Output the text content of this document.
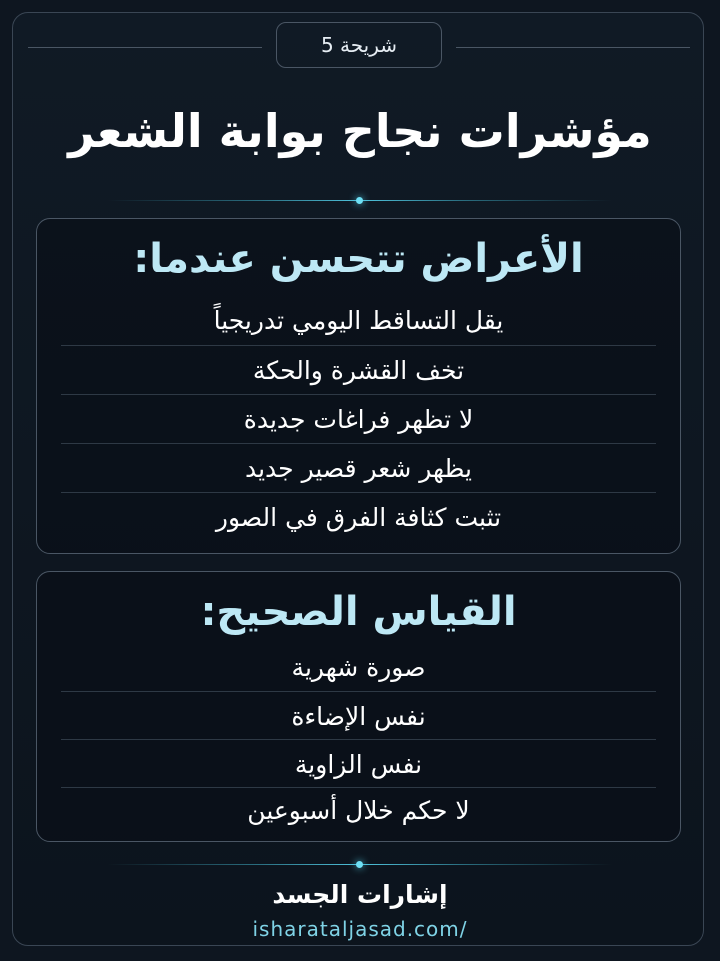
شريحة 5
مؤشرات نجاح بوابة الشعر
الأعراض تتحسن عندما:
يقل التساقط اليومي تدريجياً
تخف القشرة والحكة
لا تظهر فراغات جديدة
يظهر شعر قصير جديد
تثبت كثافة الفرق في الصور
القياس الصحيح:
صورة شهرية
نفس الإضاءة
نفس الزاوية
لا حكم خلال أسبوعين
إشارات الجسد
isharataljasad.com/
